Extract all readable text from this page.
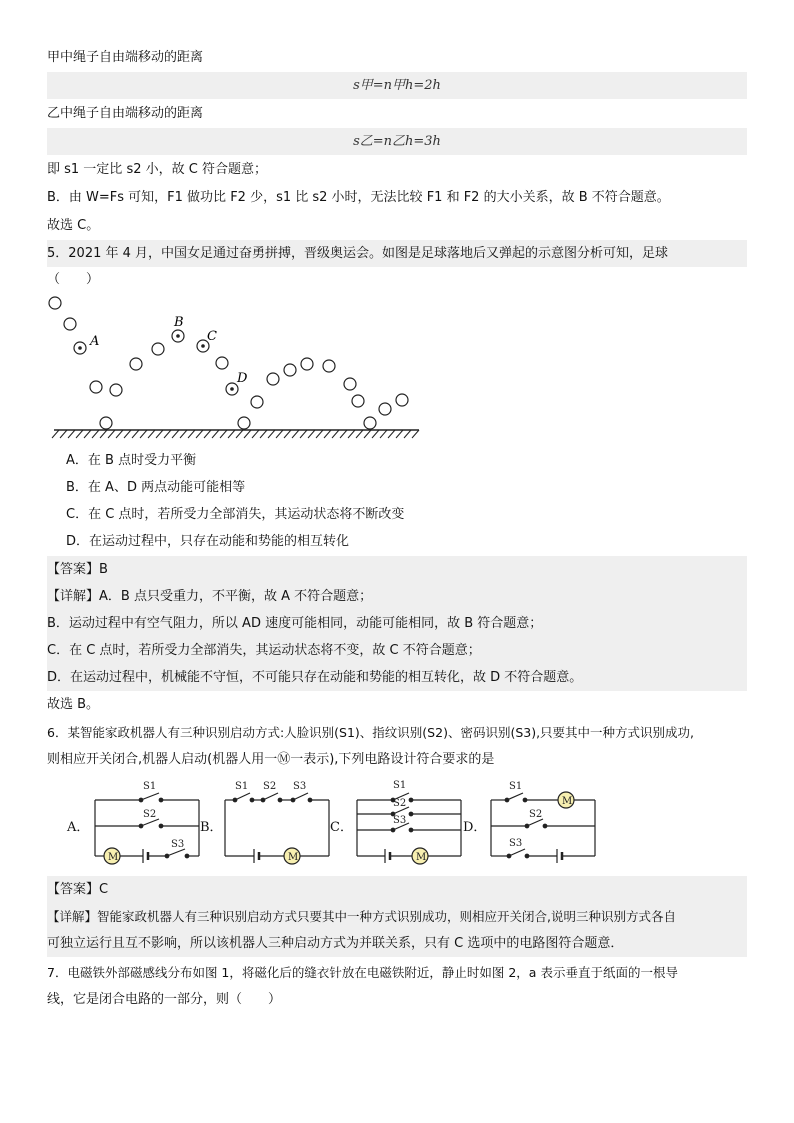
甲中绳子自由端移动的距离
s甲=n甲h=2h
乙中绳子自由端移动的距离
s乙=n乙h=3h
即 s1 一定比 s2 小，故 C 符合题意；
B．由 W=Fs 可知，F1 做功比 F2 少，s1 比 s2 小时，无法比较 F1 和 F2 的大小关系，故 B 不符合题意。
故选 C。
5．2021 年 4 月，中国女足通过奋勇拼搏，晋级奥运会。如图是足球落地后又弹起的示意图分析可知，足球
（　　）
A
B
C
D
A．在 B 点时受力平衡
B．在 A、D 两点动能可能相等
C．在 C 点时，若所受力全部消失，其运动状态将不断改变
D．在运动过程中，只存在动能和势能的相互转化
【答案】B
【详解】A．B 点只受重力，不平衡，故 A 不符合题意；
B．运动过程中有空气阻力，所以 AD 速度可能相同，动能可能相同，故 B 符合题意；
C．在 C 点时，若所受力全部消失，其运动状态将不变，故 C 不符合题意；
D．在运动过程中，机械能不守恒，不可能只存在动能和势能的相互转化，故 D 不符合题意。
故选 B。
6．某智能家政机器人有三种识别启动方式:人脸识别(S1)、指纹识别(S2)、密码识别(S3),只要其中一种方式识别成功,
则相应开关闭合,机器人启动(机器人用一Ⓜ一表示),下列电路设计符合要求的是
S1
S2
S3
M
S1 S2 S3
M
S1
S2
S3
M
S1
M
S2
S3
A．	B．	C．	D．
【答案】C
【详解】智能家政机器人有三种识别启动方式只要其中一种方式识别成功，则相应开关闭合,说明三种识别方式各自
可独立运行且互不影响，所以该机器人三种启动方式为并联关系，只有 C 选项中的电路图符合题意．
7．电磁铁外部磁感线分布如图 1，将磁化后的缝衣针放在电磁铁附近，静止时如图 2，a 表示垂直于纸面的一根导
线，它是闭合电路的一部分，则（　　）
